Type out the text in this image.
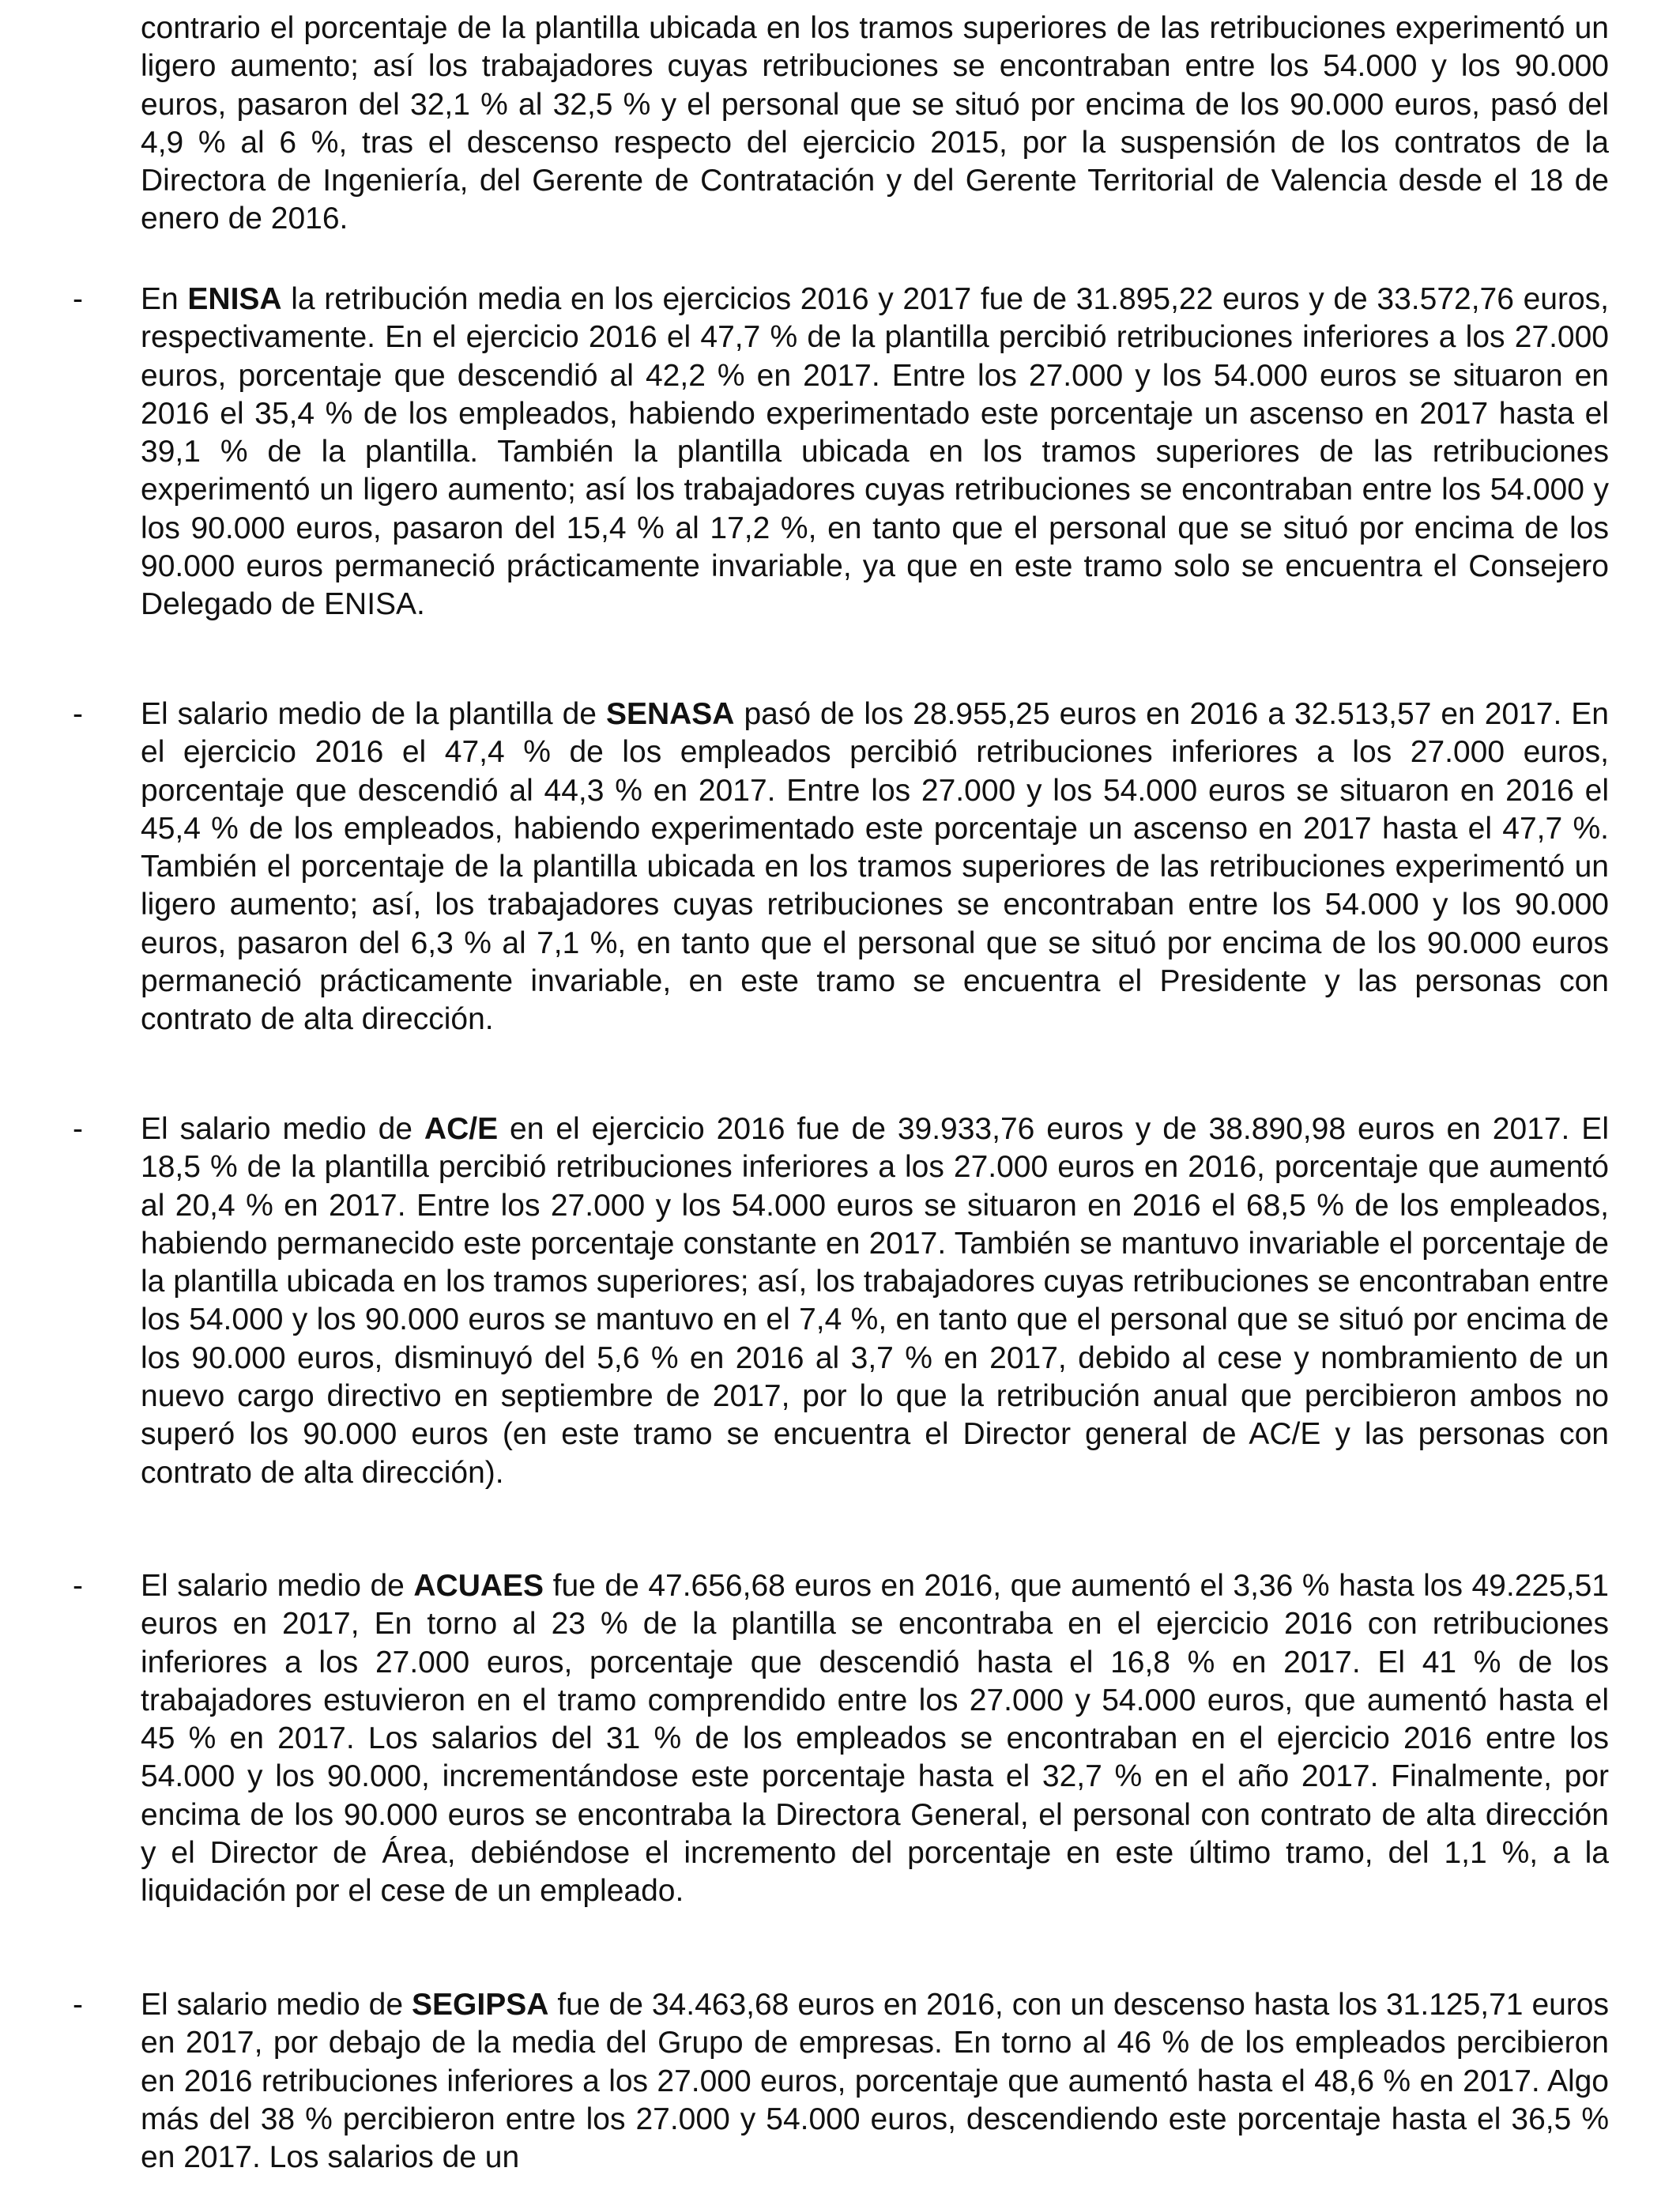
contrario el porcentaje de la plantilla ubicada en los tramos superiores de las retribuciones experimentó un ligero aumento; así los trabajadores cuyas retribuciones se encontraban entre los 54.000 y los 90.000 euros, pasaron del 32,1 % al 32,5 % y el personal que se situó por encima de los 90.000 euros, pasó del 4,9 % al 6 %, tras el descenso respecto del ejercicio 2015, por la suspensión de los contratos de la Directora de Ingeniería, del Gerente de Contratación y del Gerente Territorial de Valencia desde el 18 de enero de 2016.

- En ENISA la retribución media en los ejercicios 2016 y 2017 fue de 31.895,22 euros y de 33.572,76 euros, respectivamente. En el ejercicio 2016 el 47,7 % de la plantilla percibió retribuciones inferiores a los 27.000 euros, porcentaje que descendió al 42,2 % en 2017. Entre los 27.000 y los 54.000 euros se situaron en 2016 el 35,4 % de los empleados, habiendo experimentado este porcentaje un ascenso en 2017 hasta el 39,1 % de la plantilla. También la plantilla ubicada en los tramos superiores de las retribuciones experimentó un ligero aumento; así los trabajadores cuyas retribuciones se encontraban entre los 54.000 y los 90.000 euros, pasaron del 15,4 % al 17,2 %, en tanto que el personal que se situó por encima de los 90.000 euros permaneció prácticamente invariable, ya que en este tramo solo se encuentra el Consejero Delegado de ENISA.

- El salario medio de la plantilla de SENASA pasó de los 28.955,25 euros en 2016 a 32.513,57 en 2017. En el ejercicio 2016 el 47,4 % de los empleados percibió retribuciones inferiores a los 27.000 euros, porcentaje que descendió al 44,3 % en 2017. Entre los 27.000 y los 54.000 euros se situaron en 2016 el 45,4 % de los empleados, habiendo experimentado este porcentaje un ascenso en 2017 hasta el 47,7 %. También el porcentaje de la plantilla ubicada en los tramos superiores de las retribuciones experimentó un ligero aumento; así, los trabajadores cuyas retribuciones se encontraban entre los 54.000 y los 90.000 euros, pasaron del 6,3 % al 7,1 %, en tanto que el personal que se situó por encima de los 90.000 euros permaneció prácticamente invariable, en este tramo se encuentra el Presidente y las personas con contrato de alta dirección.

- El salario medio de AC/E en el ejercicio 2016 fue de 39.933,76 euros y de 38.890,98 euros en 2017. El 18,5 % de la plantilla percibió retribuciones inferiores a los 27.000 euros en 2016, porcentaje que aumentó al 20,4 % en 2017. Entre los 27.000 y los 54.000 euros se situaron en 2016 el 68,5 % de los empleados, habiendo permanecido este porcentaje constante en 2017. También se mantuvo invariable el porcentaje de la plantilla ubicada en los tramos superiores; así, los trabajadores cuyas retribuciones se encontraban entre los 54.000 y los 90.000 euros se mantuvo en el 7,4 %, en tanto que el personal que se situó por encima de los 90.000 euros, disminuyó del 5,6 % en 2016 al 3,7 % en 2017, debido al cese y nombramiento de un nuevo cargo directivo en septiembre de 2017, por lo que la retribución anual que percibieron ambos no superó los 90.000 euros (en este tramo se encuentra el Director general de AC/E y las personas con contrato de alta dirección).

- El salario medio de ACUAES fue de 47.656,68 euros en 2016, que aumentó el 3,36 % hasta los 49.225,51 euros en 2017, En torno al 23 % de la plantilla se encontraba en el ejercicio 2016 con retribuciones inferiores a los 27.000 euros, porcentaje que descendió hasta el 16,8 % en 2017. El 41 % de los trabajadores estuvieron en el tramo comprendido entre los 27.000 y 54.000 euros, que aumentó hasta el 45 % en 2017. Los salarios del 31 % de los empleados se encontraban en el ejercicio 2016 entre los 54.000 y los 90.000, incrementándose este porcentaje hasta el 32,7 % en el año 2017. Finalmente, por encima de los 90.000 euros se encontraba la Directora General, el personal con contrato de alta dirección y el Director de Área, debiéndose el incremento del porcentaje en este último tramo, del 1,1 %, a la liquidación por el cese de un empleado.

- El salario medio de SEGIPSA fue de 34.463,68 euros en 2016, con un descenso hasta los 31.125,71 euros en 2017, por debajo de la media del Grupo de empresas. En torno al 46 % de los empleados percibieron en 2016 retribuciones inferiores a los 27.000 euros, porcentaje que aumentó hasta el 48,6 % en 2017. Algo más del 38 % percibieron entre los 27.000 y 54.000 euros, descendiendo este porcentaje hasta el 36,5 % en 2017. Los salarios de un
